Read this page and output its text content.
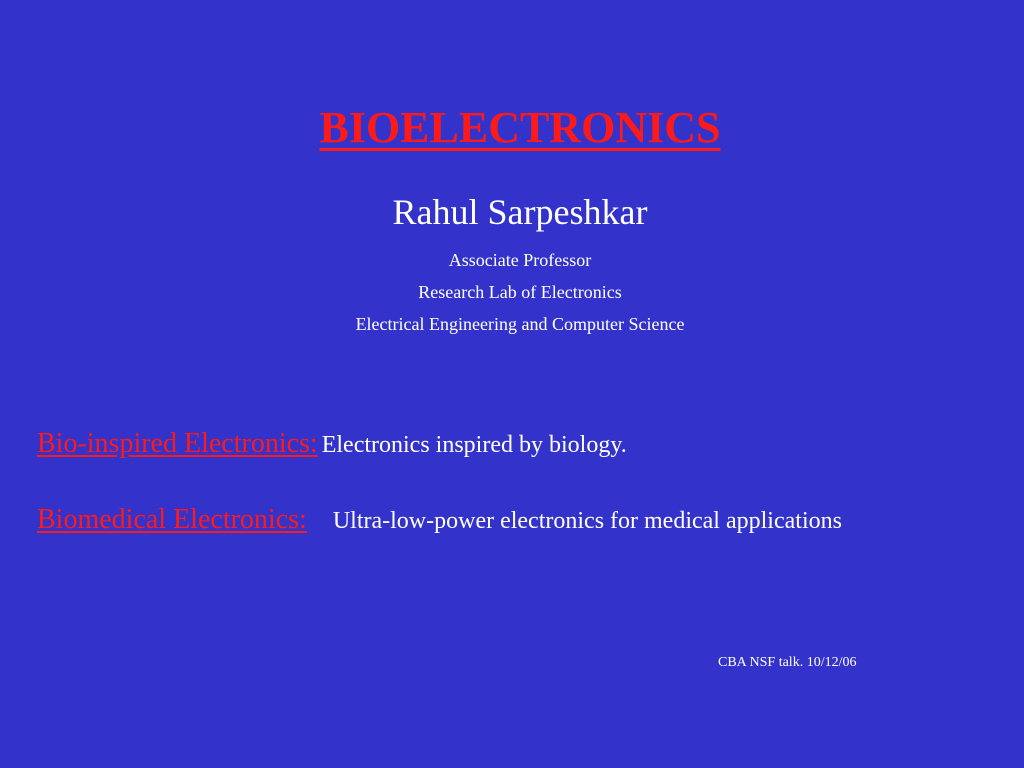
BIOELECTRONICS
Rahul Sarpeshkar
Associate Professor
Research Lab of Electronics
Electrical Engineering and Computer Science
Bio-inspired Electronics: Electronics inspired by biology.
Biomedical Electronics: Ultra-low-power electronics for medical applications
CBA NSF talk. 10/12/06
